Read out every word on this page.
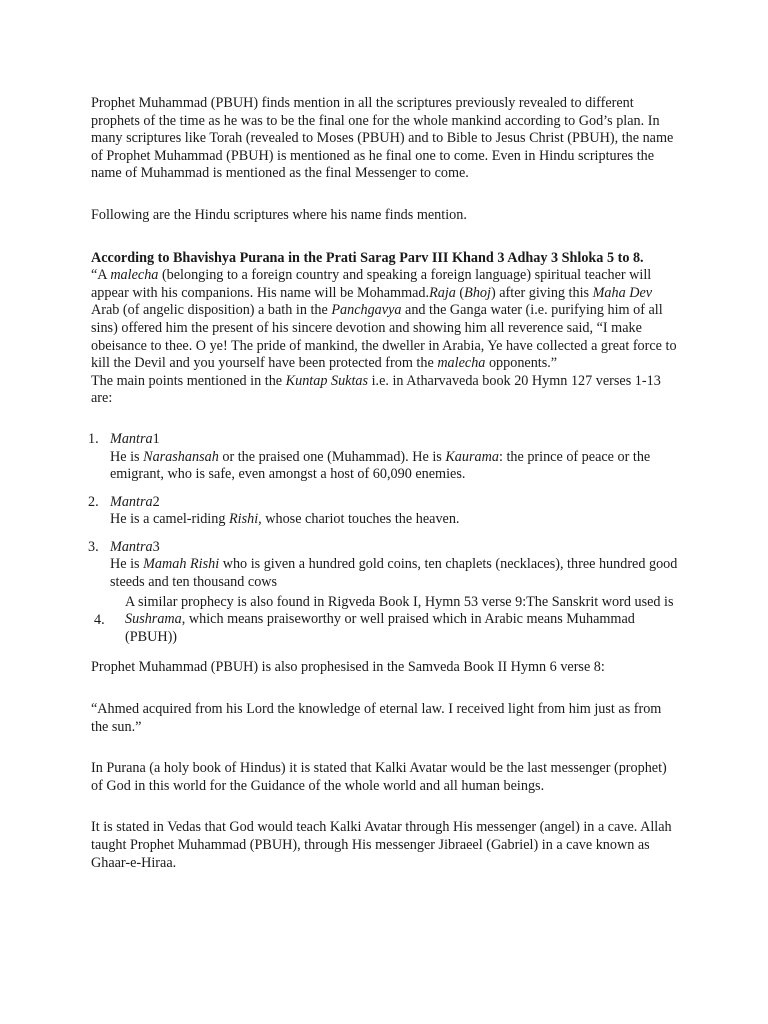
Prophet Muhammad (PBUH) finds mention in all the scriptures previously revealed to different prophets of the time as he was to be the final one for the whole mankind according to God’s plan. In many scriptures like Torah (revealed to Moses (PBUH) and to Bible to Jesus Christ (PBUH), the name of Prophet Muhammad (PBUH) is mentioned as he final one to come. Even in Hindu scriptures the name of Muhammad is mentioned as the final Messenger to come.

Following are the Hindu scriptures where his name finds mention.

According to Bhavishya Purana in the Prati Sarag Parv III Khand 3 Adhay 3 Shloka 5 to 8.

“A malecha (belonging to a foreign country and speaking a foreign language) spiritual teacher will appear with his companions. His name will be Mohammad.Raja (Bhoj) after giving this Maha Dev Arab (of angelic disposition) a bath in the Panchgavya and the Ganga water (i.e. purifying him of all sins) offered him the present of his sincere devotion and showing him all reverence said, “I make obeisance to thee. O ye! The pride of mankind, the dweller in Arabia, Ye have collected a great force to kill the Devil and you yourself have been protected from the malecha opponents.”

The main points mentioned in the Kuntap Suktas i.e. in Atharvaveda book 20 Hymn 127 verses 1-13 are:

1. Mantra1
He is Narashansah or the praised one (Muhammad). He is Kaurama: the prince of peace or the emigrant, who is safe, even amongst a host of 60,090 enemies.
2. Mantra2
He is a camel-riding Rishi, whose chariot touches the heaven.
3. Mantra3
He is Mamah Rishi who is given a hundred gold coins, ten chaplets (necklaces), three hundred good steeds and ten thousand cows
4.
A similar prophecy is also found in Rigveda Book I, Hymn 53 verse 9:The Sanskrit word used is Sushrama, which means praiseworthy or well praised which in Arabic means Muhammad (PBUH))

Prophet Muhammad (PBUH) is also prophesised in the Samveda Book II Hymn 6 verse 8:

“Ahmed acquired from his Lord the knowledge of eternal law. I received light from him just as from the sun.”

In Purana (a holy book of Hindus) it is stated that Kalki Avatar would be the last messenger (prophet) of God in this world for the Guidance of the whole world and all human beings.

It is stated in Vedas that God would teach Kalki Avatar through His messenger (angel) in a cave. Allah taught Prophet Muhammad (PBUH), through His messenger Jibraeel (Gabriel) in a cave known as Ghaar-e-Hiraa.
